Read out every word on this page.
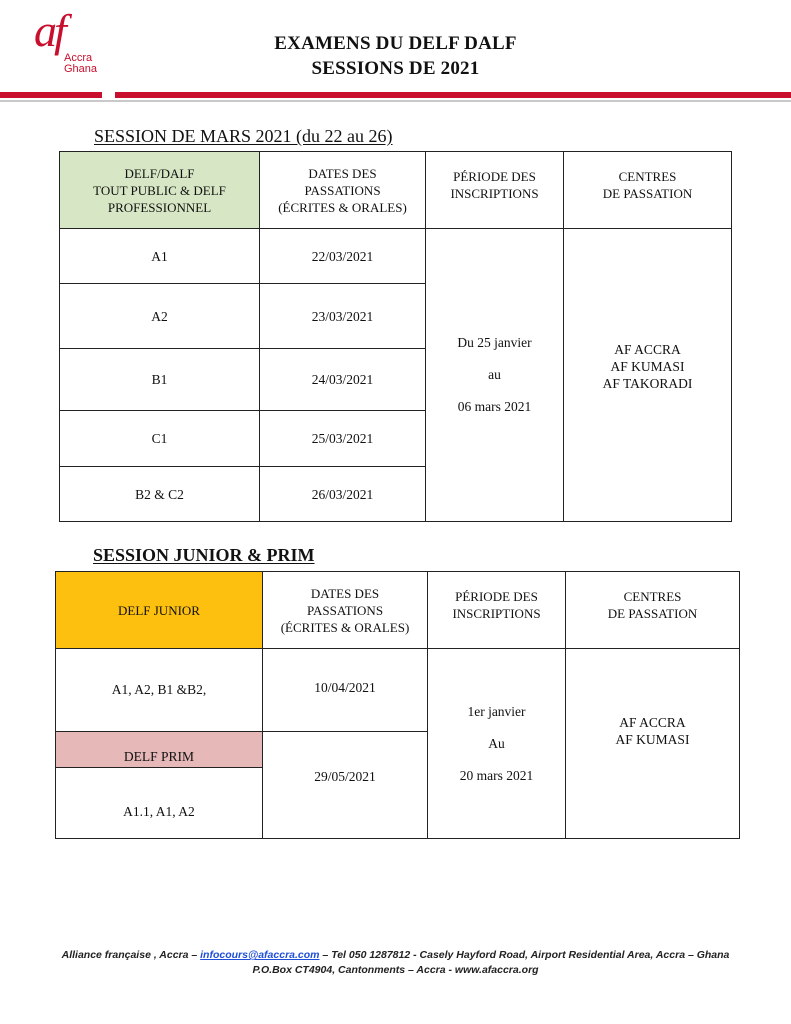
af
Accra
Ghana
EXAMENS DU DELF DALF
SESSIONS DE 2021
SESSION DE MARS 2021 (du 22 au 26)
DELF/DALF
TOUT PUBLIC & DELF
PROFESSIONNEL
DATES DES
PASSATIONS
(ÉCRITES & ORALES)
PÉRIODE DES
INSCRIPTIONS
CENTRES
DE PASSATION
A1	22/03/2021
A2	23/03/2021
B1	24/03/2021
C1	25/03/2021
B2 & C2	26/03/2021
Du 25 janvier

au

06 mars 2021
AF ACCRA
AF KUMASI
AF TAKORADI
SESSION JUNIOR & PRIM
DELF JUNIOR
DATES DES
PASSATIONS
(ÉCRITES & ORALES)
PÉRIODE DES
INSCRIPTIONS
CENTRES
DE PASSATION
A1, A2, B1 &B2,	10/04/2021
DELF PRIM
A1.1, A1, A2
29/05/2021
1er janvier

Au

20 mars 2021
AF ACCRA
AF KUMASI
Alliance française , Accra – infocours@afaccra.com – Tel 050 1287812 - Casely Hayford Road, Airport Residential Area, Accra – Ghana
P.O.Box CT4904, Cantonments – Accra - www.afaccra.org
